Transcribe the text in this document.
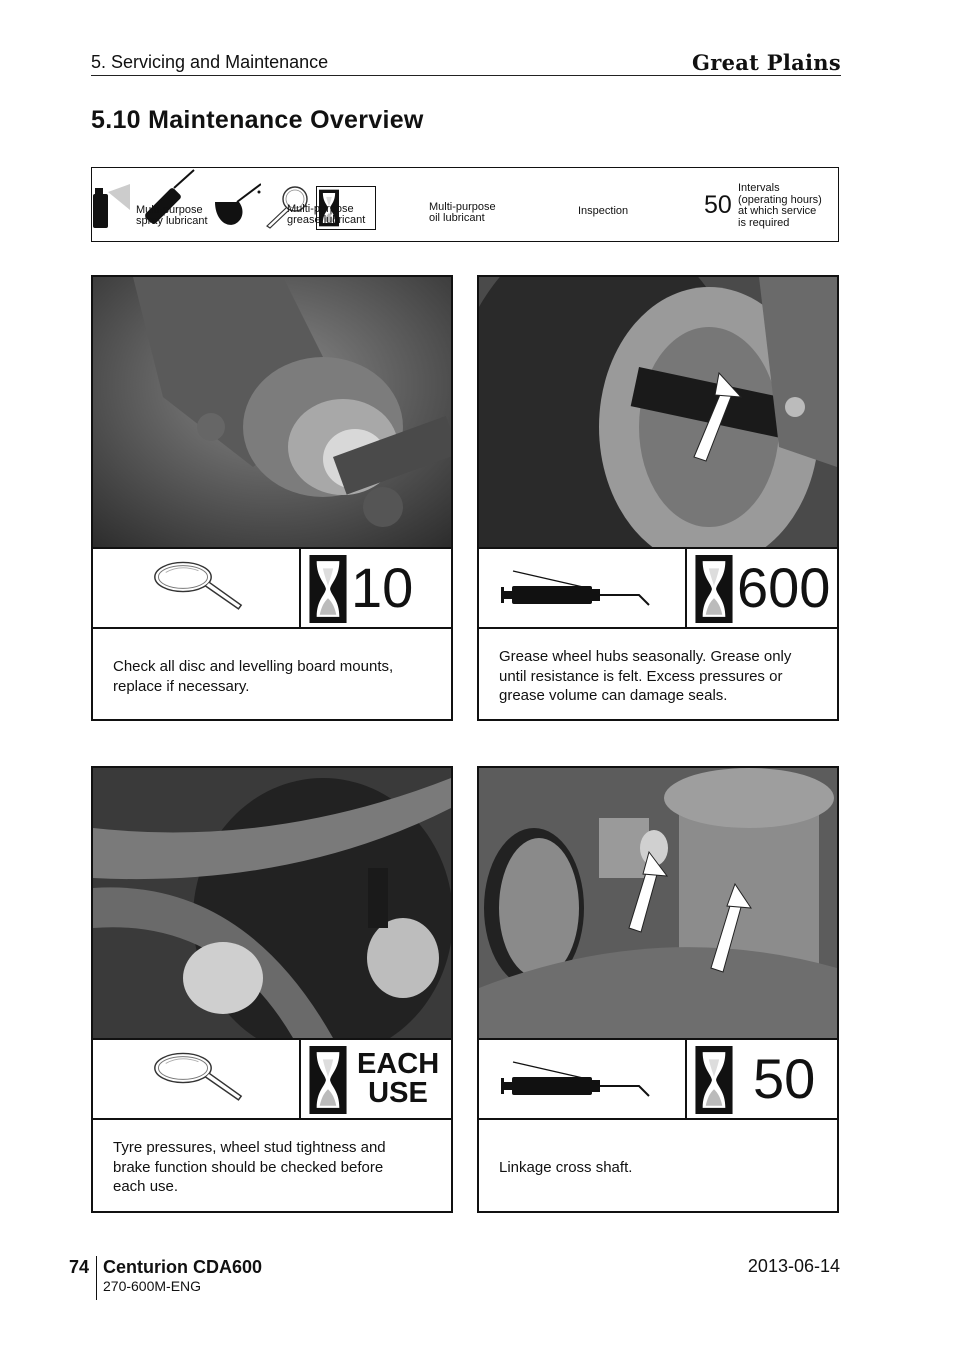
5. Servicing and Maintenance	Great Plains
5.10 Maintenance Overview

Multi-purpose
spray lubricant

Multi-purpose
grease lubricant

Multi-purpose
oil lubricant

Inspection	50
Intervals
(operating hours)
at which service
is required
10
Check all disc and levelling board mounts,
replace if necessary.
600
Grease wheel hubs seasonally. Grease only
until resistance is felt. Excess pressures or
grease volume can damage seals.
EACH
USE
Tyre pressures, wheel stud tightness and
brake function should be checked before
each use.
50
Linkage cross shaft.
74 Centurion CDA600
270-600M-ENG
2013-06-14
